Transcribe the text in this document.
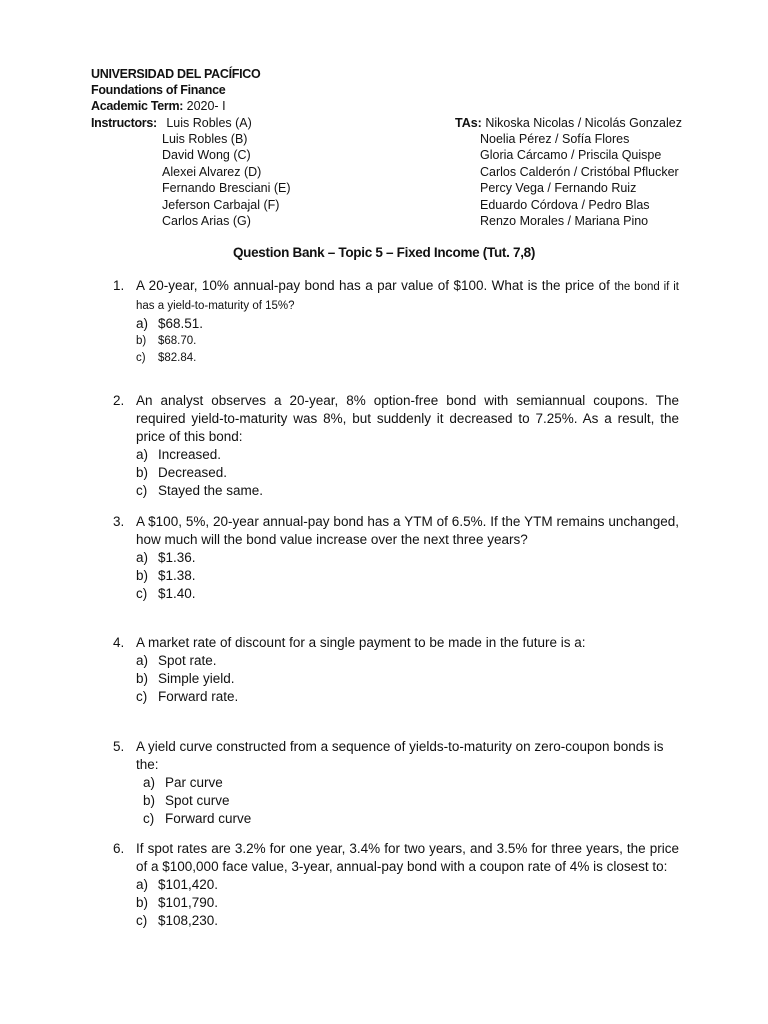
UNIVERSIDAD DEL PACÍFICO
Foundations of Finance
Academic Term: 2020- I
Instructors: Luis Robles (A)
Luis Robles (B)
David Wong (C)
Alexei Alvarez (D)
Fernando Bresciani (E)
Jeferson Carbajal (F)
Carlos Arias (G)
TAs: Nikoska Nicolas / Nicolás Gonzalez
Noelia Pérez / Sofía Flores
Gloria Cárcamo / Priscila Quispe
Carlos Calderón / Cristóbal Pflucker
Percy Vega / Fernando Ruiz
Eduardo Córdova / Pedro Blas
Renzo Morales / Mariana Pino
Question Bank – Topic 5 – Fixed Income (Tut. 7,8)
1. A 20-year, 10% annual-pay bond has a par value of $100. What is the price of the bond if it has a yield-to-maturity of 15%?
a) $68.51.
b)	$68.70.
c)	$82.84.
2. An analyst observes a 20-year, 8% option-free bond with semiannual coupons. The required yield-to-maturity was 8%, but suddenly it decreased to 7.25%. As a result, the price of this bond:
a) Increased.
b) Decreased.
c) Stayed the same.
3. A $100, 5%, 20-year annual-pay bond has a YTM of 6.5%. If the YTM remains unchanged, how much will the bond value increase over the next three years?
a) $1.36.
b) $1.38.
c) $1.40.
4. A market rate of discount for a single payment to be made in the future is a:
a) Spot rate.
b) Simple yield.
c) Forward rate.
5. A yield curve constructed from a sequence of yields-to-maturity on zero-coupon bonds is the:
a) Par curve
b) Spot curve
c) Forward curve
6. If spot rates are 3.2% for one year, 3.4% for two years, and 3.5% for three years, the price of a $100,000 face value, 3-year, annual-pay bond with a coupon rate of 4% is closest to:
a) $101,420.
b) $101,790.
c) $108,230.
